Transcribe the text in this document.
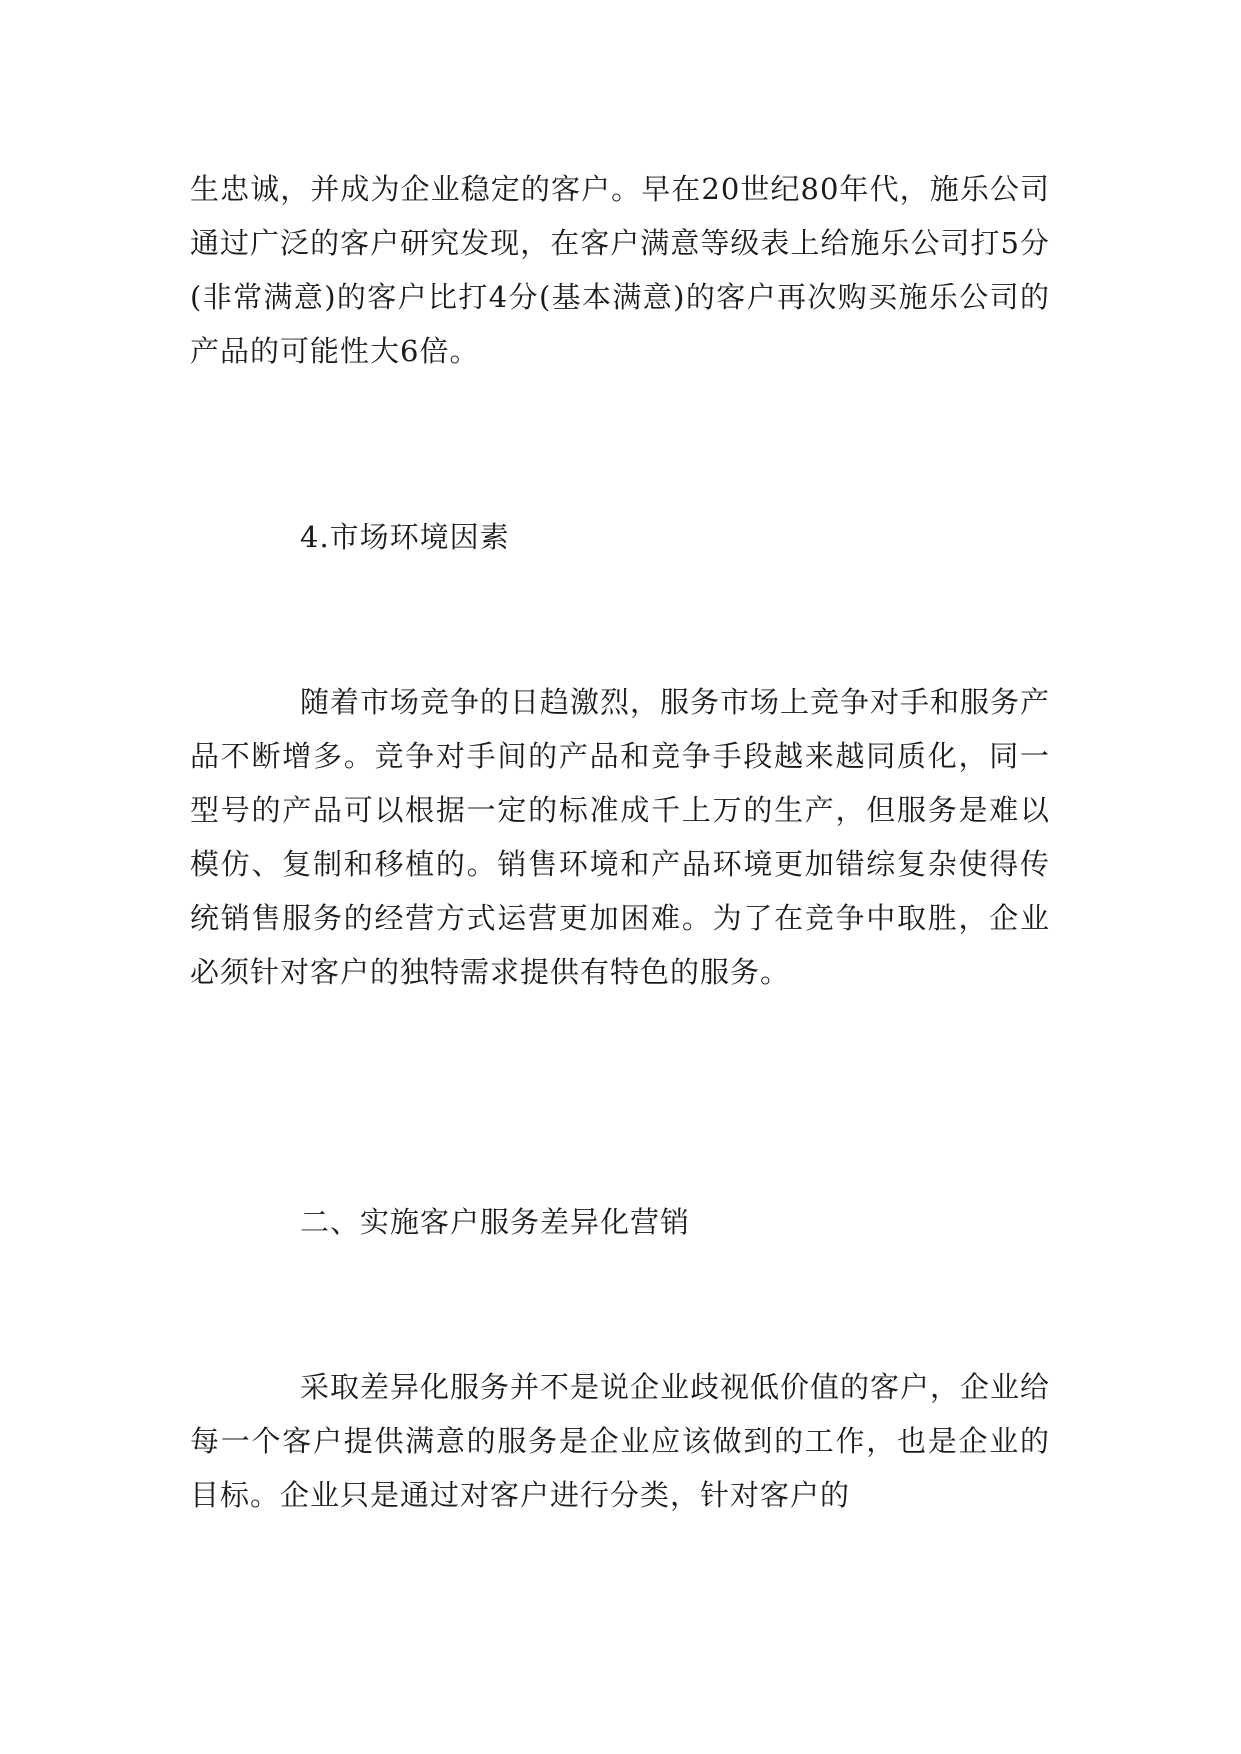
生忠诚，并成为企业稳定的客户。早在20世纪80年代，施乐公司通过广泛的客户研究发现，在客户满意等级表上给施乐公司打5分(非常满意)的客户比打4分(基本满意)的客户再次购买施乐公司的产品的可能性大6倍。

4.市场环境因素

随着市场竞争的日趋激烈，服务市场上竞争对手和服务产品不断增多。竞争对手间的产品和竞争手段越来越同质化，同一型号的产品可以根据一定的标准成千上万的生产，但服务是难以模仿、复制和移植的。销售环境和产品环境更加错综复杂使得传统销售服务的经营方式运营更加困难。为了在竞争中取胜，企业必须针对客户的独特需求提供有特色的服务。

二、实施客户服务差异化营销

采取差异化服务并不是说企业歧视低价值的客户，企业给每一个客户提供满意的服务是企业应该做到的工作，也是企业的目标。企业只是通过对客户进行分类，针对客户的
